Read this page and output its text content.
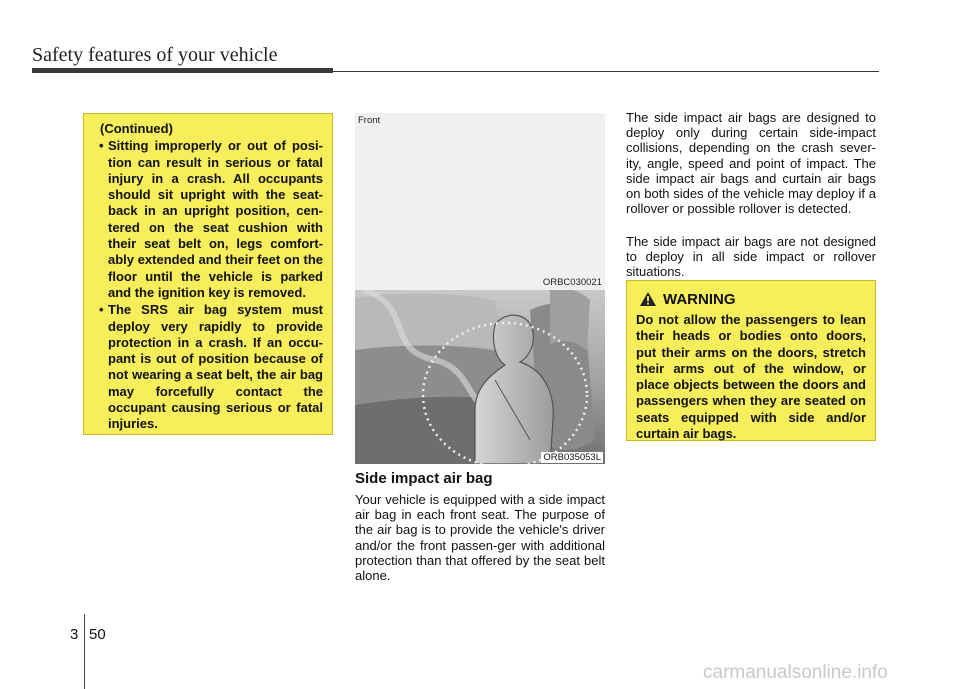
Safety features of your vehicle
(Continued)
• Sitting improperly or out of posi-tion can result in serious or fatal injury in a crash. All occupants should sit upright with the seat-back in an upright position, cen-tered on the seat cushion with their seat belt on, legs comfort-ably extended and their feet on the floor until the vehicle is parked and the ignition key is removed.
• The SRS air bag system must deploy very rapidly to provide protection in a crash. If an occu-pant is out of position because of not wearing a seat belt, the air bag may forcefully contact the occupant causing serious or fatal injuries.
Front
ORBC030021
ORB035053L
Side impact air bag
Your vehicle is equipped with a side impact air bag in each front seat. The purpose of the air bag is to provide the vehicle's driver and/or the front passen-ger with additional protection than that offered by the seat belt alone.
The side impact air bags are designed to deploy only during certain side-impact collisions, depending on the crash sever-ity, angle, speed and point of impact. The side impact air bags and curtain air bags on both sides of the vehicle may deploy if a rollover or possible rollover is detected.
The side impact air bags are not designed to deploy in all side impact or rollover situations.
WARNING
Do not allow the passengers to lean their heads or bodies onto doors, put their arms on the doors, stretch their arms out of the window, or place objects between the doors and passengers when they are seated on seats equipped with side and/or curtain air bags.
3 50
carmanualsonline.info
